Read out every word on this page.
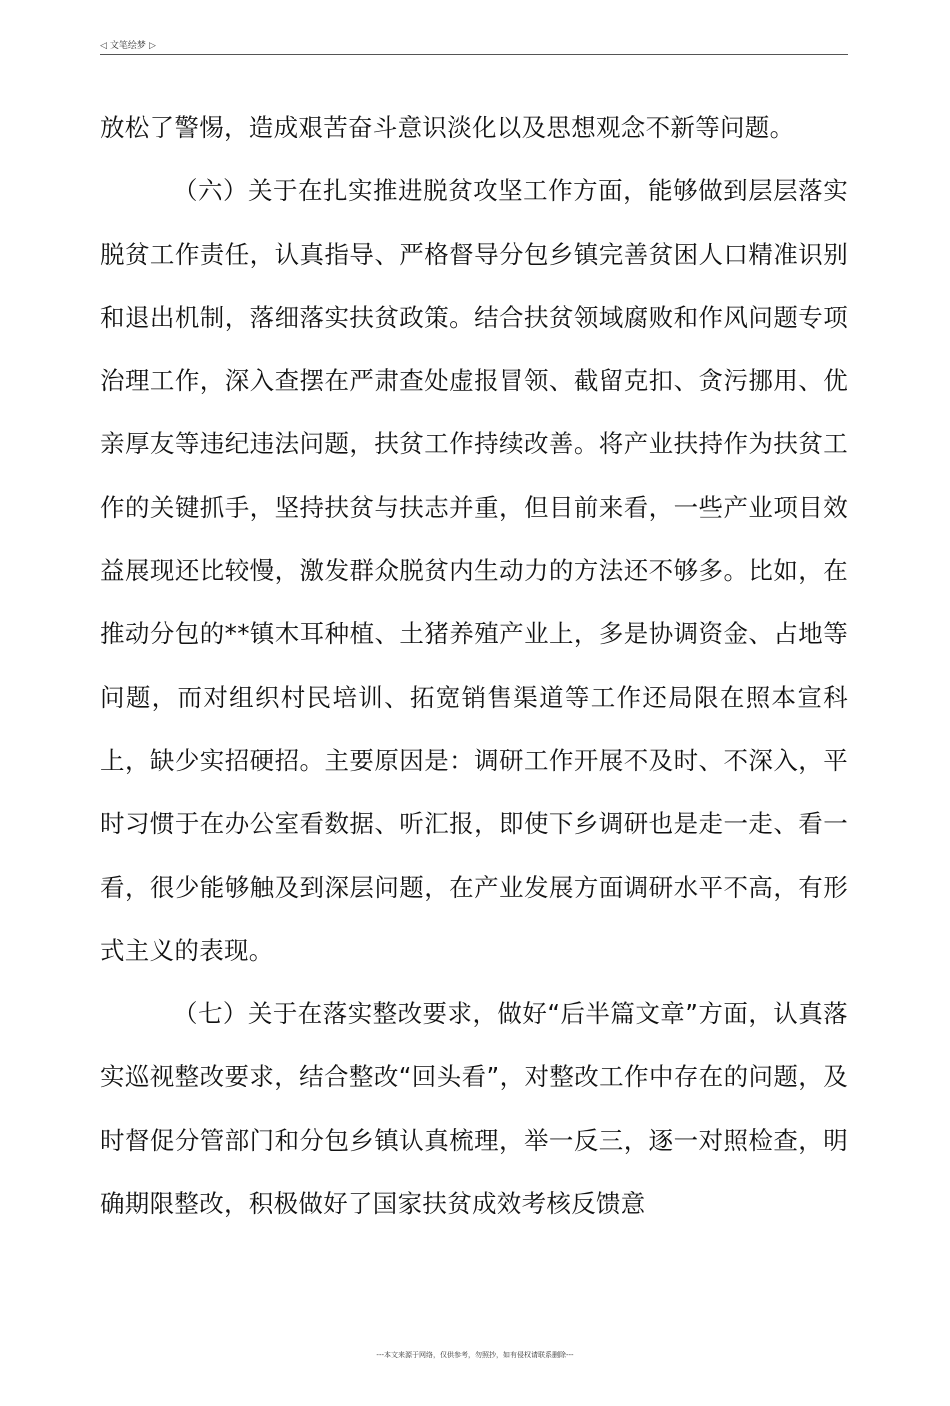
◁ 文笔绘梦 ▷

放松了警惕，造成艰苦奋斗意识淡化以及思想观念不新等问题。

（六）关于在扎实推进脱贫攻坚工作方面，能够做到层层落实脱贫工作责任，认真指导、严格督导分包乡镇完善贫困人口精准识别和退出机制，落细落实扶贫政策。结合扶贫领域腐败和作风问题专项治理工作，深入查摆在严肃查处虚报冒领、截留克扣、贪污挪用、优亲厚友等违纪违法问题，扶贫工作持续改善。将产业扶持作为扶贫工作的关键抓手，坚持扶贫与扶志并重，但目前来看，一些产业项目效益展现还比较慢，激发群众脱贫内生动力的方法还不够多。比如，在推动分包的**镇木耳种植、土猪养殖产业上，多是协调资金、占地等问题，而对组织村民培训、拓宽销售渠道等工作还局限在照本宣科上，缺少实招硬招。主要原因是：调研工作开展不及时、不深入，平时习惯于在办公室看数据、听汇报，即使下乡调研也是走一走、看一看，很少能够触及到深层问题，在产业发展方面调研水平不高，有形式主义的表现。

（七）关于在落实整改要求，做好“后半篇文章”方面，认真落实巡视整改要求，结合整改“回头看”，对整改工作中存在的问题，及时督促分管部门和分包乡镇认真梳理，举一反三，逐一对照检查，明确期限整改，积极做好了国家扶贫成效考核反馈意

---本文来源于网络，仅供参考，勿照抄，如有侵权请联系删除---
